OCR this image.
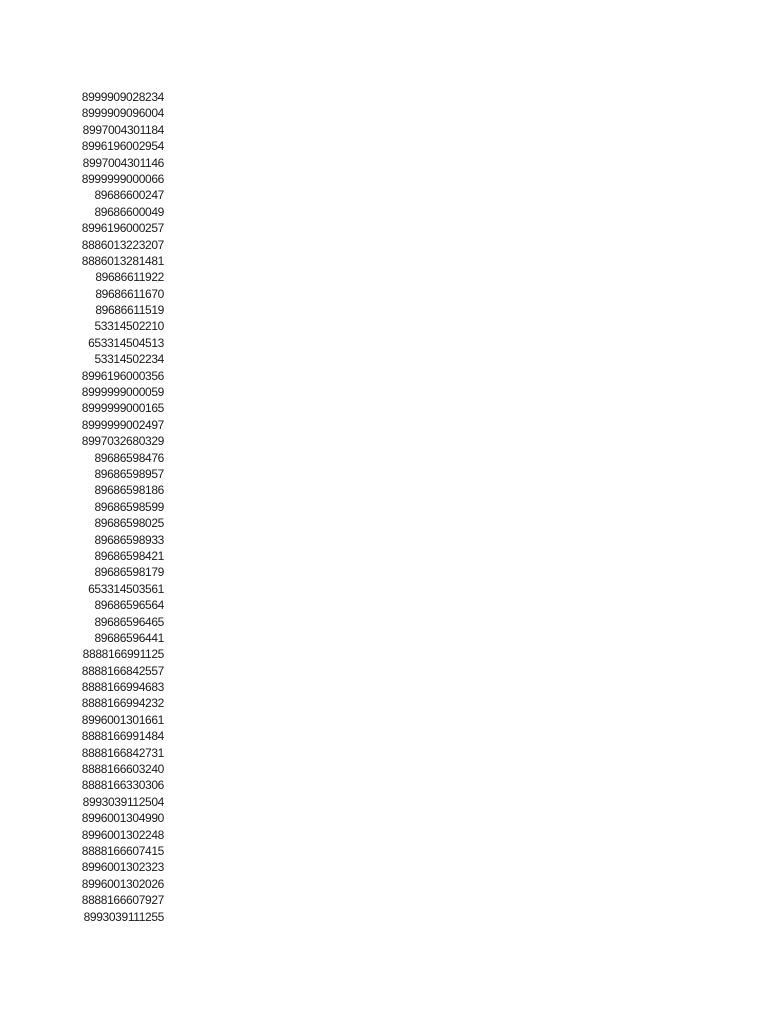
8999909028234
8999909096004
8997004301184
8996196002954
8997004301146
8999999000066
89686600247
89686600049
8996196000257
8886013223207
8886013281481
89686611922
89686611670
89686611519
53314502210
653314504513
53314502234
8996196000356
8999999000059
8999999000165
8999999002497
8997032680329
89686598476
89686598957
89686598186
89686598599
89686598025
89686598933
89686598421
89686598179
653314503561
89686596564
89686596465
89686596441
8888166991125
8888166842557
8888166994683
8888166994232
8996001301661
8888166991484
8888166842731
8888166603240
8888166330306
8993039112504
8996001304990
8996001302248
8888166607415
8996001302323
8996001302026
8888166607927
8993039111255
